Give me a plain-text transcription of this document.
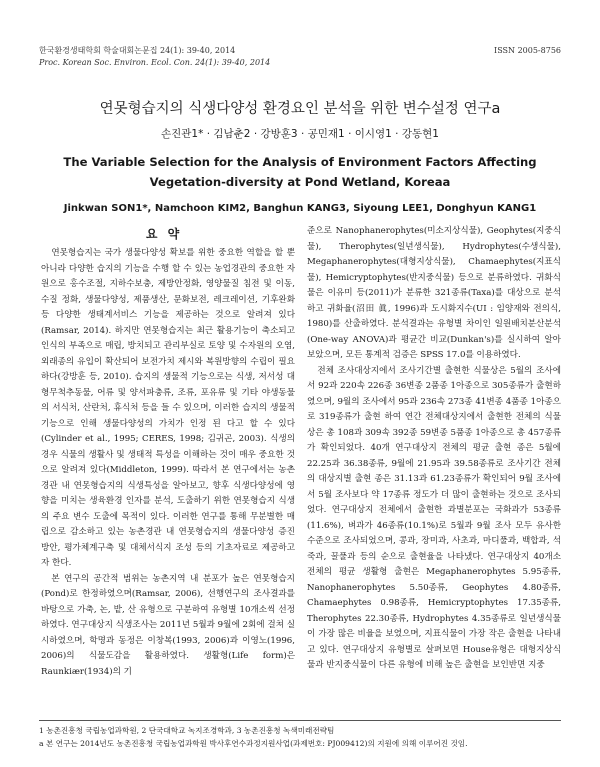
한국환경생태학회 학술대회논문집 24(1): 39-40, 2014	ISSN 2005-8756
Proc. Korean Soc. Environ. Ecol. Con. 24(1): 39-40, 2014
연못형습지의 식생다양성 환경요인 분석을 위한 변수설정 연구a
손진관1* · 김남춘2 · 강방훈3 · 공민재1 · 이시영1 · 강동현1
The Variable Selection for the Analysis of Environment Factors Affecting Vegetation-diversity at Pond Wetland, Koreaa
Jinkwan SON1*, Namchoon KIM2, Banghun KANG3, Siyoung LEE1, Donghyun KANG1
요 약

연못형습지는 국가 생물다양성 확보를 위한 중요한 역할을 할 뿐 아니라 다양한 습지의 기능을 수행 할 수 있는 농업경관의 중요한 자원으로 홍수조절, 지하수보충, 제방안정화, 영양물질 침전 및 이동, 수질 정화, 생물다양성, 제품생산, 문화보전, 레크레이션, 기후완화 등 다양한 생태계서비스 기능을 제공하는 것으로 알려져 있다(Ramsar, 2014). 하지만 연못형습지는 최근 활용기능이 축소되고 인식의 부족으로 매립, 방치되고 관리부실로 토양 및 수자원의 오염, 외래종의 유입이 확산되어 보전가치 제시와 복원방향의 수립이 필요하다(강방훈 등, 2010). 습지의 생물적 기능으로는 식생, 저서성 대형무척추동물, 어류 및 양서파충류, 조류, 포유류 및 기타 야생동물의 서식처, 산란처, 휴식처 등을 들 수 있으며, 이러한 습지의 생물적 기능으로 인해 생물다양성의 가치가 인정 된 다고 할 수 있다(Cylinder et al., 1995; CERES, 1998; 김귀곤, 2003). 식생의 경우 식물의 생활사 및 생태적 특성을 이해하는 것이 매우 중요한 것으로 알려져 있다(Middleton, 1999). 따라서 본 연구에서는 농촌경관 내 연못형습지의 식생특성을 알아보고, 향후 식생다양성에 영향을 미치는 생육환경 인자를 분석, 도출하기 위한 연못형습지 식생의 주요 변수 도출에 목적이 있다. 이러한 연구를 통해 무분별한 매립으로 감소하고 있는 농촌경관 내 연못형습지의 생물다양성 증진 방안, 평가체계구축 및 대체서식지 조성 등의 기초자료로 제공하고자 한다.

본 연구의 공간적 범위는 농촌지역 내 분포가 높은 연못형습지(Pond)로 한정하였으며(Ramsar, 2006), 선행연구의 조사결과를 바탕으로 가축, 논, 밭, 산 유형으로 구분하여 유형별 10개소씩 선정하였다. 연구대상지 식생조사는 2011년 5월과 9월에 2회에 걸쳐 실시하였으며, 학명과 동정은 이창복(1993, 2006)과 이영노(1996, 2006)의 식물도감을 활용하였다. 생활형(Life form)은 Raunkiær(1934)의 기

준으로 Nanophanerophytes(미소지상식물), Geophytes(지중식물), Therophytes(일년생식물), Hydrophytes(수생식물), Megaphanerophytes(대형지상식물), Chamaephytes(지표식물), Hemicryptophytes(반지중식물) 등으로 분류하였다. 귀화식물은 이유미 등(2011)가 분류한 321종류(Taxa)를 대상으로 분석하고 귀화율(沼田 眞, 1996)과 도시화지수(UI : 임양재와 전의식, 1980)를 산출하였다. 분석결과는 유형별 차이인 일원배치분산분석(One-way ANOVA)과 평균간 비교(Dunkan's)를 실시하여 알아보았으며, 모든 통계적 검증은 SPSS 17.0를 이용하였다.

전체 조사대상지에서 조사기간별 출현한 식물상은 5월의 조사에서 92과 220속 226종 36변종 2품종 1아종으로 305종류가 출현하였으며, 9월의 조사에서 95과 236속 273종 41변종 4품종 1아종으로 319종류가 출현 하여 연간 전체대상지에서 출현한 전체의 식물상은 총 108과 309속 392종 59변종 5품종 1아종으로 총 457종류가 확인되었다. 40개 연구대상지 전체의 평균 출현 종은 5월에 22.25과 36.38종류, 9월에 21.95과 39.58종류로 조사기간 전체의 대상지별 출현 종은 31.13과 61.23종류가 확인되어 9월 조사에서 5월 조사보다 약 17종류 정도가 더 많이 출현하는 것으로 조사되었다. 연구대상지 전체에서 출현한 과별분포는 국화과가 53종류(11.6%), 벼과가 46종류(10.1%)로 5월과 9월 조사 모두 유사한 수준으로 조사되었으며, 콩과, 장미과, 사초과, 마디풀과, 백합과, 석죽과, 꿀풀과 등의 순으로 출현율을 나타냈다. 연구대상지 40개소 전체의 평균 생활형 출현은 Megaphanerophytes 5.95종류, Nanophanerophytes 5.50종류, Geophytes 4.80종류, Chamaephytes 0.98종류, Hemicryptophytes 17.35종류, Therophytes 22.30종류, Hydrophytes 4.35종류로 일년생식물이 가장 많은 비율을 보였으며, 지표식물이 가장 작은 출현을 나타내고 있다. 연구대상지 유형별로 살펴보면 House유형은 대형지상식물과 반지중식물이 다른 유형에 비해 높은 출현을 보인반면 지중

1 농촌진흥청 국립농업과학원, 2 단국대학교 녹지조경학과, 3 농촌진흥청 녹색미래전략팀
a 본 연구는 2014년도 농촌진흥청 국립농업과학원 박사후연수과정지원사업(과제번호: PJ009412)의 지원에 의해 이루어진 것임.
